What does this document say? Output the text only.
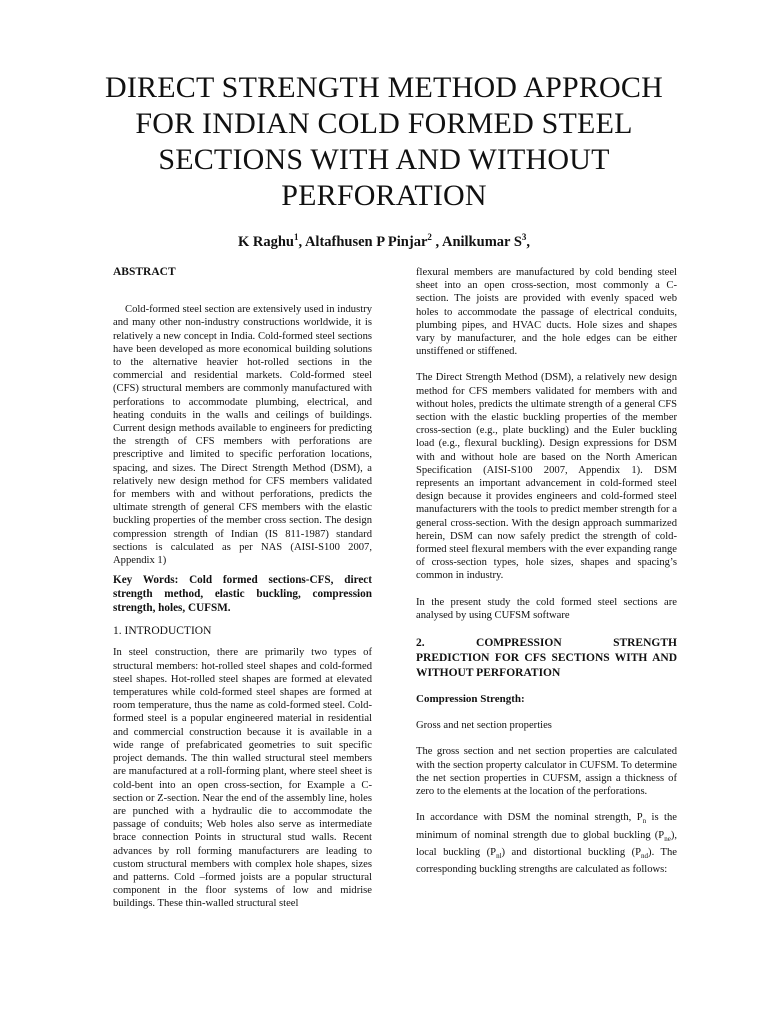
DIRECT STRENGTH METHOD APPROCH FOR INDIAN COLD FORMED STEEL SECTIONS WITH AND WITHOUT PERFORATION
K Raghu$^1$, Altafhusen P Pinjar$^2$ , Anilkumar $S^3$,

ABSTRACT

Cold-formed steel section are extensively used in industry and many other non-industry constructions worldwide, it is relatively a new concept in India. Cold-formed steel sections have been developed as more economical building solutions to the alternative heavier hot-rolled sections in the commercial and residential markets. Cold-formed steel (CFS) structural members are commonly manufactured with perforations to accommodate plumbing, electrical, and heating conduits in the walls and ceilings of buildings. Current design methods available to engineers for predicting the strength of CFS members with perforations are prescriptive and limited to specific perforation locations, spacing, and sizes. The Direct Strength Method (DSM), a relatively new design method for CFS members validated for members with and without perforations, predicts the ultimate strength of general CFS members with the elastic buckling properties of the member cross section. The design compression strength of Indian (IS 811-1987) standard sections is calculated as per NAS (AISI-S100 2007, Appendix 1)

Key Words: Cold formed sections-CFS, direct strength method, elastic buckling, compression strength, holes, CUFSM.

1. INTRODUCTION

In steel construction, there are primarily two types of structural members: hot-rolled steel shapes and cold-formed steel shapes. Hot-rolled steel shapes are formed at elevated temperatures while cold-formed steel shapes are formed at room temperature, thus the name as cold-formed steel. Cold-formed steel is a popular engineered material in residential and commercial construction because it is available in a wide range of prefabricated geometries to suit specific project demands. The thin walled structural steel members are manufactured at a roll-forming plant, where steel sheet is cold-bent into an open cross-section, for Example a C-section or Z-section. Near the end of the assembly line, holes are punched with a hydraulic die to accommodate the passage of conduits; Web holes also serve as intermediate brace connection Points in structural stud walls. Recent advances by roll forming manufacturers are leading to custom structural members with complex hole shapes, sizes and patterns. Cold –formed joists are a popular structural component in the floor systems of low and midrise buildings. These thin-walled structural steel

flexural members are manufactured by cold bending steel sheet into an open cross-section, most commonly a C-section. The joists are provided with evenly spaced web holes to accommodate the passage of electrical conduits, plumbing pipes, and HVAC ducts. Hole sizes and shapes vary by manufacturer, and the hole edges can be either unstiffened or stiffened.

The Direct Strength Method (DSM), a relatively new design method for CFS members validated for members with and without holes, predicts the ultimate strength of a general CFS section with the elastic buckling properties of the member cross-section (e.g., plate buckling) and the Euler buckling load (e.g., flexural buckling). Design expressions for DSM with and without hole are based on the North American Specification (AISI-S100 2007, Appendix 1). DSM represents an important advancement in cold-formed steel design because it provides engineers and cold-formed steel manufacturers with the tools to predict member strength for a general cross-section. With the design approach summarized herein, DSM can now safely predict the strength of cold-formed steel flexural members with the ever expanding range of cross-section types, hole sizes, shapes and spacing’s common in industry.

In the present study the cold formed steel sections are analysed by using CUFSM software

2.	COMPRESSION	STRENGTH
PREDICTION FOR CFS SECTIONS WITH AND WITHOUT PERFORATION

Compression Strength:

Gross and net section properties

The gross section and net section properties are calculated with the section property calculator in CUFSM. To determine the net section properties in CUFSM, assign a thickness of zero to the elements at the location of the perforations.

In accordance with DSM the nominal strength, $P_n$ is the minimum of nominal strength due to global buckling $(P_{ne})$, local buckling $(P_{nl})$ and distortional buckling $(P_{nd})$. The corresponding buckling strengths are calculated as follows:
